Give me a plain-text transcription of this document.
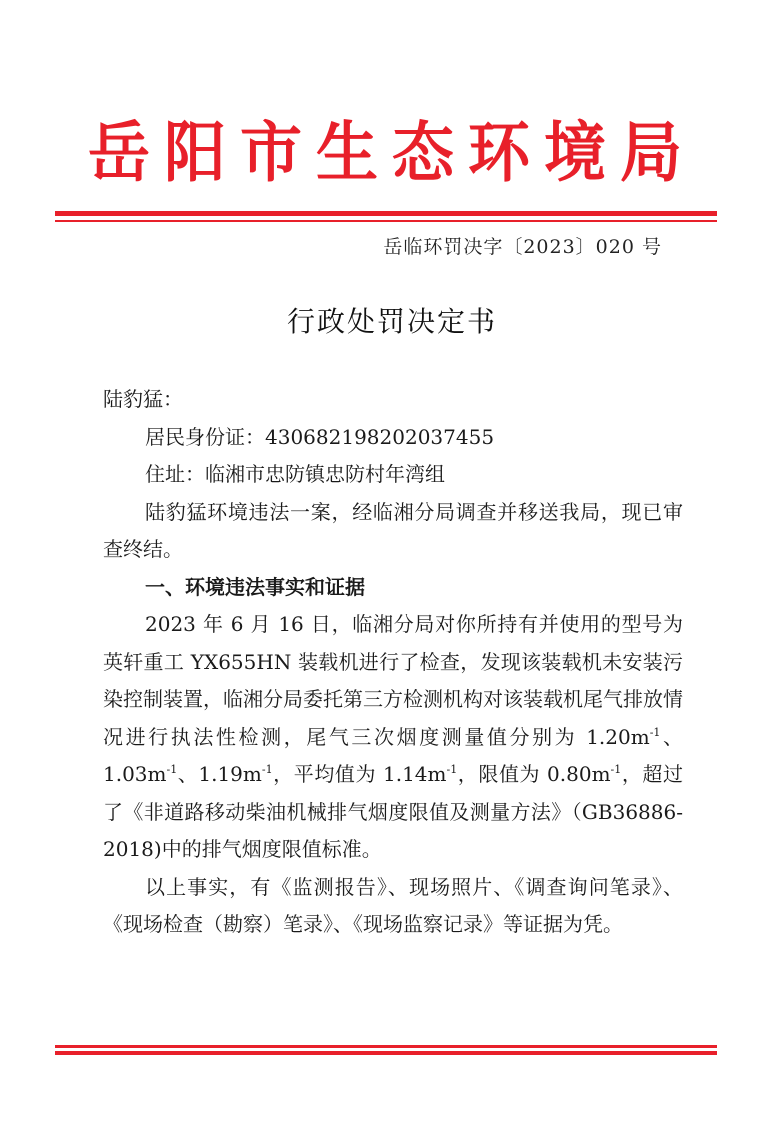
岳阳市生态环境局
岳临环罚决字〔2023〕020 号
行政处罚决定书

陆豹猛：

居民身份证：430682198202037455

住址：临湘市忠防镇忠防村年湾组

陆豹猛环境违法一案，经临湘分局调查并移送我局，现已审查终结。

一、环境违法事实和证据

2023 年 6 月 16 日，临湘分局对你所持有并使用的型号为英轩重工 YX655HN 装载机进行了检查，发现该装载机未安装污染控制装置，临湘分局委托第三方检测机构对该装载机尾气排放情况进行执法性检测，尾气三次烟度测量值分别为 $1.20m^{-1}$、$1.03m^{-1}$、$1.19m^{-1}$，平均值为 $1.14m^{-1}$，限值为 $0.80m^{-1}$，超过了《非道路移动柴油机械排气烟度限值及测量方法》（GB36886-2018)中的排气烟度限值标准。

以上事实，有《监测报告》、现场照片、《调查询问笔录》、《现场检查（勘察）笔录》、《现场监察记录》等证据为凭。
